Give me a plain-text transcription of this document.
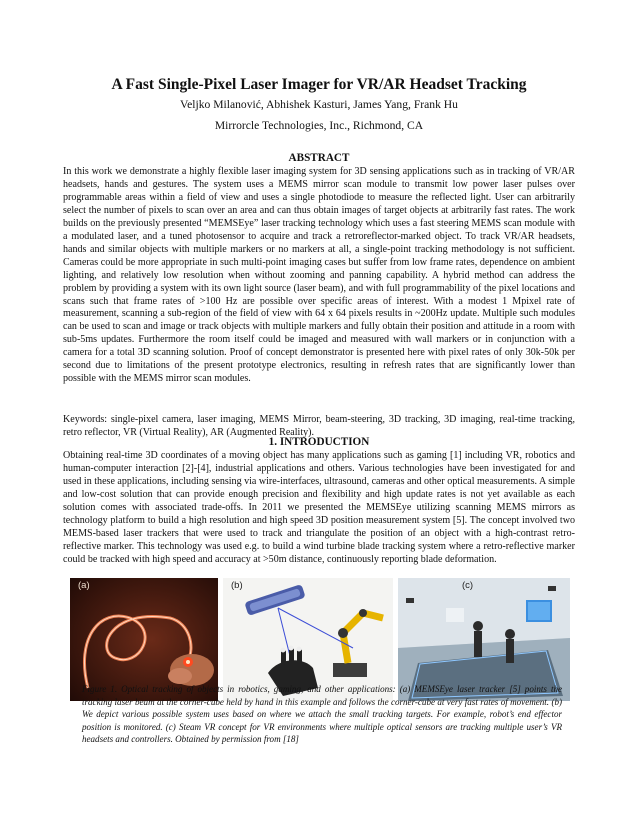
A Fast Single-Pixel Laser Imager for VR/AR Headset Tracking
Veljko Milanović, Abhishek Kasturi, James Yang, Frank Hu
Mirrorcle Technologies, Inc., Richmond, CA
ABSTRACT

In this work we demonstrate a highly flexible laser imaging system for 3D sensing applications such as in tracking of VR/AR headsets, hands and gestures. The system uses a MEMS mirror scan module to transmit low power laser pulses over programmable areas within a field of view and uses a single photodiode to measure the reflected light. User can arbitrarily select the number of pixels to scan over an area and can thus obtain images of target objects at arbitrarily fast rates. The work builds on the previously presented “MEMSEye” laser tracking technology which uses a fast steering MEMS scan module with a modulated laser, and a tuned photosensor to acquire and track a retroreflector-marked object. To track VR/AR headsets, hands and similar objects with multiple markers or no markers at all, a single-point tracking methodology is not sufficient. Cameras could be more appropriate in such multi-point imaging cases but suffer from low frame rates, dependence on ambient lighting, and relatively low resolution when without zooming and panning capability. A hybrid method can address the problem by providing a system with its own light source (laser beam), and with full programmability of the pixel locations and scans such that frame rates of >100 Hz are possible over specific areas of interest. With a modest 1 Mpixel rate of measurement, scanning a sub-region of the field of view with 64 x 64 pixels results in ~200Hz update. Multiple such modules can be used to scan and image or track objects with multiple markers and fully obtain their position and attitude in a room with sub-5ms updates. Furthermore the room itself could be imaged and measured with wall markers or in conjunction with a camera for a total 3D scanning solution. Proof of concept demonstrator is presented here with pixel rates of only 30k-50k per second due to limitations of the present prototype electronics, resulting in refresh rates that are significantly lower than possible with the MEMS mirror scan modules.

Keywords: single-pixel camera, laser imaging, MEMS Mirror, beam-steering, 3D tracking, 3D imaging, real-time tracking, retro reflector, VR (Virtual Reality), AR (Augmented Reality).

1. INTRODUCTION

Obtaining real-time 3D coordinates of a moving object has many applications such as gaming [1] including VR, robotics and human-computer interaction [2]-[4], industrial applications and others. Various technologies have been investigated for and used in these applications, including sensing via wire-interfaces, ultrasound, cameras and other optical measurements. A simple and low-cost solution that can provide enough precision and flexibility and high update rates is not yet available as each solution comes with associated trade-offs. In 2011 we presented the MEMSEye utilizing scanning MEMS mirrors as technology platform to build a high resolution and high speed 3D position measurement system [5]. The concept involved two MEMS-based laser trackers that were used to track and triangulate the position of an object with a high-contrast retro-reflective marker. This technology was used e.g. to build a wind turbine blade tracking system where a retro-reflective marker could be tracked with high speed and accuracy at >50m distance, continuously reporting blade deformation.

(a)	(b)	(c)

Figure 1. Optical tracking of objects in robotics, gaming, and other applications: (a) MEMSEye laser tracker [5] points the tracking laser beam at the corner-cube held by hand in this example and follows the corner-cube at very fast rates of movement. (b) We depict various possible system uses based on where we attach the small tracking targets. For example, robot’s end effector position is monitored. (c) Steam VR concept for VR environments where multiple optical sensors are tracking multiple user’s VR headsets and controllers. Obtained by permission from [18]
